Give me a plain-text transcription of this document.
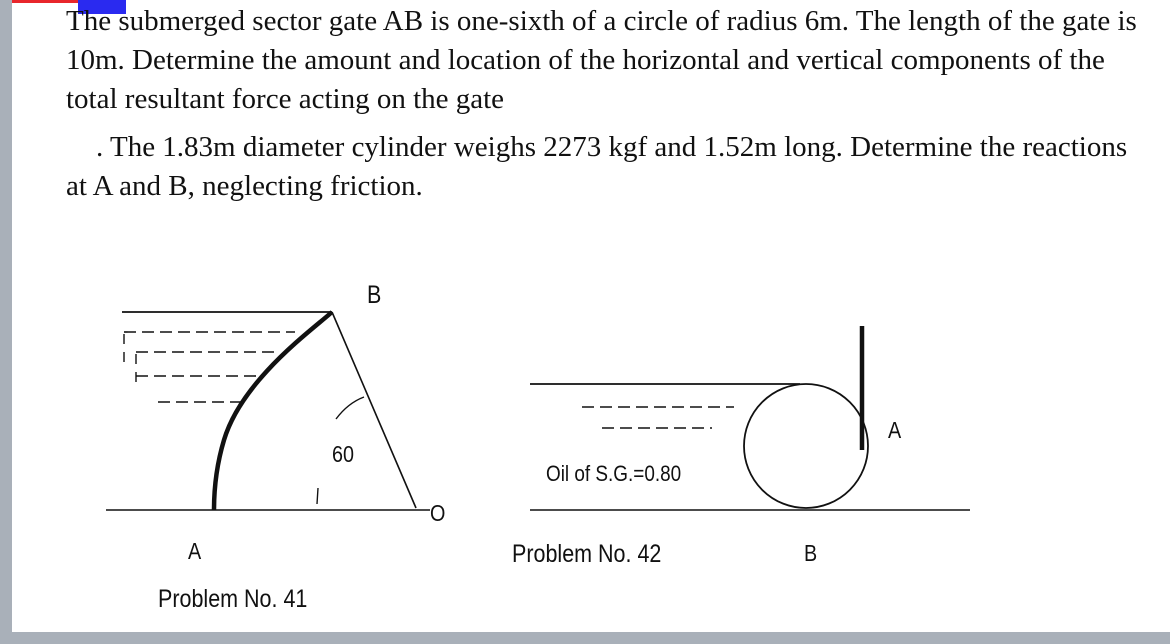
The submerged sector gate AB is one-sixth of a circle of radius 6m. The length of the gate is 10m. Determine the amount and location of the horizontal and vertical components of the total resultant force acting on the gate

. The 1.83m diameter cylinder weighs 2273 kgf and 1.52m long. Determine the reactions at A and B, neglecting friction.

B
60
O
A
Problem No. 41
Oil of S.G.=0.80
A
Problem No. 42	B
